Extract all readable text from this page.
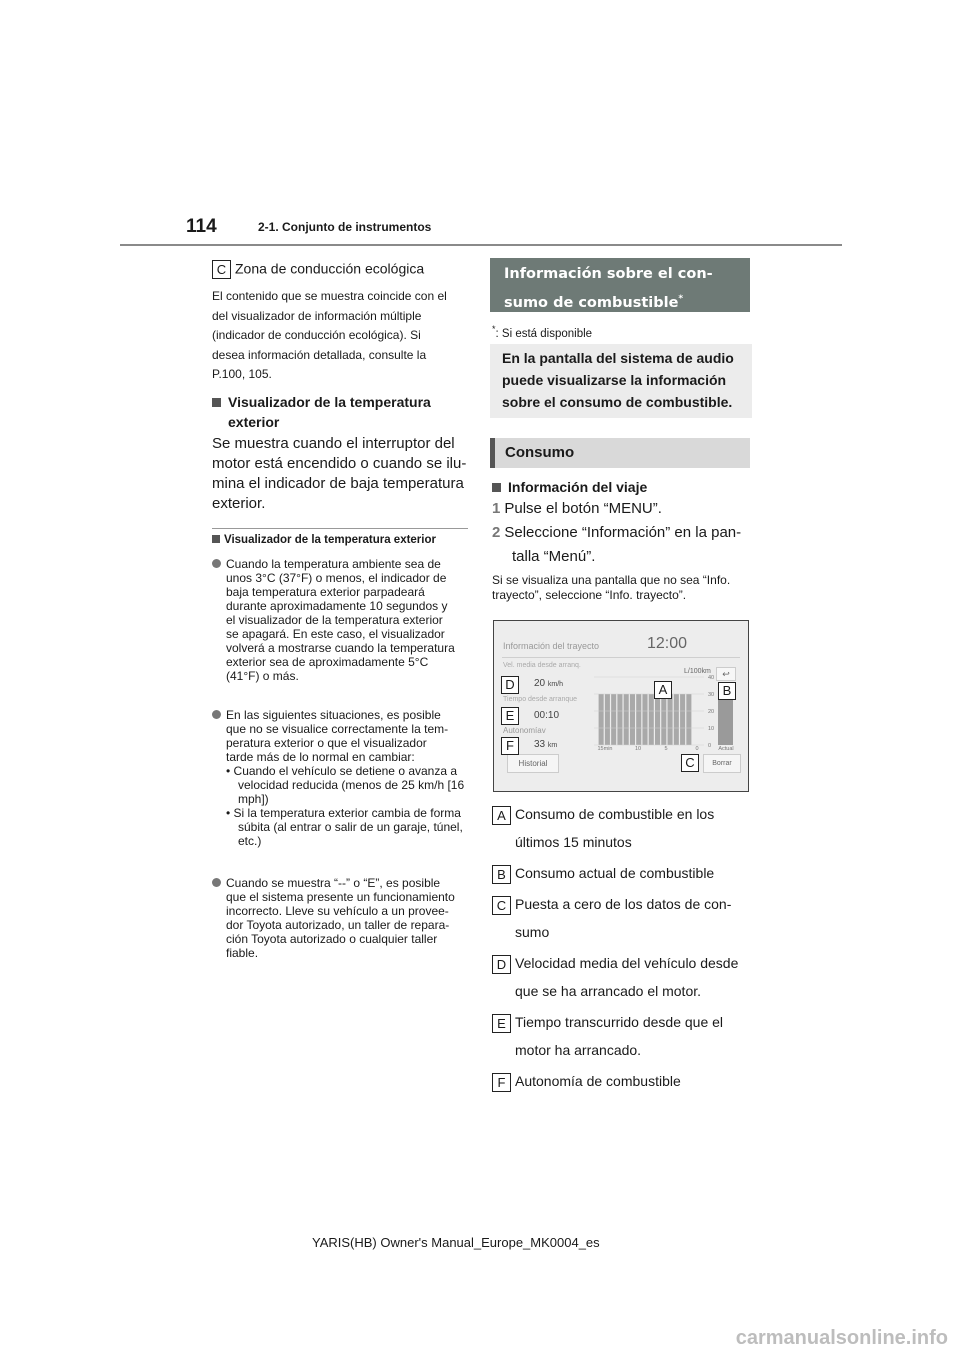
114	2-1. Conjunto de instrumentos
C Zona de conducción ecológica
El contenido que se muestra coincide con el
del visualizador de información múltiple
(indicador de conducción ecológica). Si
desea información detallada, consulte la
P.100, 105.
Visualizador de la temperatura
exterior
Se muestra cuando el interruptor del
motor está encendido o cuando se ilu-
mina el indicador de baja temperatura
exterior.
Visualizador de la temperatura exterior
Cuando la temperatura ambiente sea de
unos 3°C (37°F) o menos, el indicador de
baja temperatura exterior parpadeará
durante aproximadamente 10 segundos y
el visualizador de la temperatura exterior
se apagará. En este caso, el visualizador
volverá a mostrarse cuando la temperatura
exterior sea de aproximadamente 5°C
(41°F) o más.
En las siguientes situaciones, es posible
que no se visualice correctamente la tem-
peratura exterior o que el visualizador
tarde más de lo normal en cambiar:
• Cuando el vehículo se detiene o avanza a
velocidad reducida (menos de 25 km/h [16
mph])
• Si la temperatura exterior cambia de forma
súbita (al entrar o salir de un garaje, túnel,
etc.)
Cuando se muestra “--” o “E”, es posible
que el sistema presente un funcionamiento
incorrecto. Lleve su vehículo a un provee-
dor Toyota autorizado, un taller de repara-
ción Toyota autorizado o cualquier taller
fiable.
Información sobre el con-
sumo de combustible*
*: Si está disponible
En la pantalla del sistema de audio
puede visualizarse la información
sobre el consumo de combustible.
Consumo
Información del viaje
1 Pulse el botón “MENU”.
2 Seleccione “Información” en la pan-
talla “Menú”.
Si se visualiza una pantalla que no sea “Info.
trayecto”, seleccione “Info. trayecto”.
Información del trayecto	12:00
Vel. media desde arranq.
20 km/h
Tiempo desde arranque
00:10
Autonomíav
33 km
L/100km	↩
40
30
20
10
0
15min	10	5	0	Actual
Historial	Borrar
D
E
F
A	B
C
A Consumo de combustible en los
últimos 15 minutos
B Consumo actual de combustible
C Puesta a cero de los datos de con-
sumo
D Velocidad media del vehículo desde
que se ha arrancado el motor.
E Tiempo transcurrido desde que el
motor ha arrancado.
F Autonomía de combustible
YARIS(HB) Owner's Manual_Europe_MK0004_es
carmanualsonline.info
